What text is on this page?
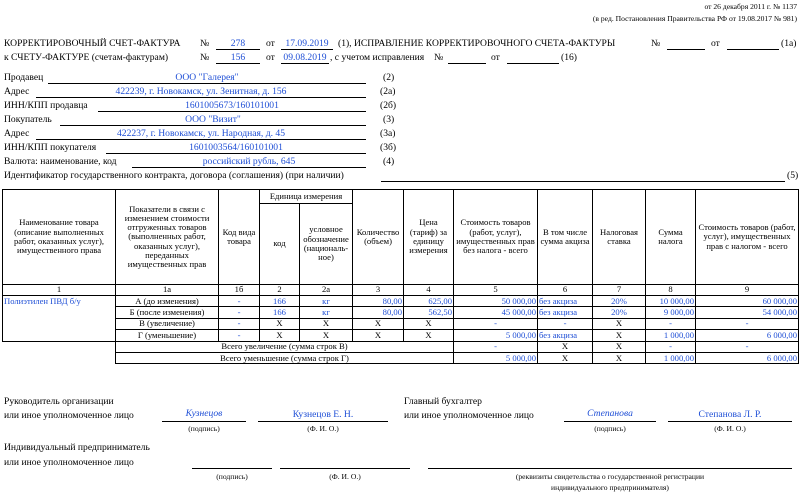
от 26 декабря 2011 г. № 1137
(в ред. Постановления Правительства РФ от 19.08.2017 № 981)
КОРРЕКТИРОВОЧНЫЙ СЧЕТ-ФАКТУРА №	278	от	17.09.2019 (1), ИСПРАВЛЕНИЕ КОРРЕКТИРОВОЧНОГО СЧЕТА-ФАКТУРЫ	№	от	(1а)
к СЧЕТУ-ФАКТУРЕ (счетам-фактурам)	№	156	от 09.08.2019 , с учетом исправления №	от	(16)
Продавец	ООО "Галерея"	(2)
Адрес	422239, г. Новокамск, ул. Зенитная, д. 156	(2а)
ИНН/КПП продавца	1601005673/160101001	(2б)
Покупатель	ООО "Визит"	(3)
Адрес	422237, г. Новокамск, ул. Народная, д. 45	(3а)
ИНН/КПП покупателя	1601003564/160101001	(3б)
Валюта: наименование, код	российский рубль, 645	(4)
Идентификатор государственного контракта, договора (соглашения) (при наличии)	(5)
Наименование товара (описание выполненных работ, оказанных услуг), имущественного права	Показатели в связи с изменением стоимости отгруженных товаров (выполненных работ, оказанных услуг), переданных имущественных прав	Код вида товара	Единица измерения		Количество (объем)	Цена (тариф) за единицу измерения	Стоимость товаров (работ, услуг), имущественных прав без налога - всего	В том числе сумма акциза	Налоговая ставка	Сумма налога	Стоимость товаров (работ, услуг), имущественных прав с налогом - всего
			код	условное обозначение (националь- ное)							
1	1а	1б	2	2а	3	4	5	6	7	8	9
Полиэтилен ПВД б/у	А (до изменения)	-	166	кг	80,00	625,00	50 000,00	без акциза	20%	10 000,00	60 000,00
	Б (после изменения)	-	166	кг	80,00	562,50	45 000,00	без акциза	20%	9 000,00	54 000,00
	В (увеличение)	-	X	X	X	X	-	-	X	-	-
	Г (уменьшение)	-	X	X	X	X	5 000,00	без акциза	X	1 000,00	6 000,00
	Всего увеличение (сумма строк В)						-	X	X	-	-
	Всего уменьшение (сумма строк Г)						5 000,00	X	X	1 000,00	6 000,00
Руководитель организации
или иное уполномоченное лицо	Кузнецов
(подпись)
Кузнецов Е. Н.
(Ф. И. О.)
Главный бухгалтер
или иное уполномоченное лицо	Степанова
(подпись)
Степанова Л. Р.
(Ф. И. О.)
Индивидуальный предприниматель
или иное уполномоченное лицо
(подпись)	(Ф. И. О.)	(реквизиты свидетельства о государственной регистрации
индивидуального предпринимателя)
